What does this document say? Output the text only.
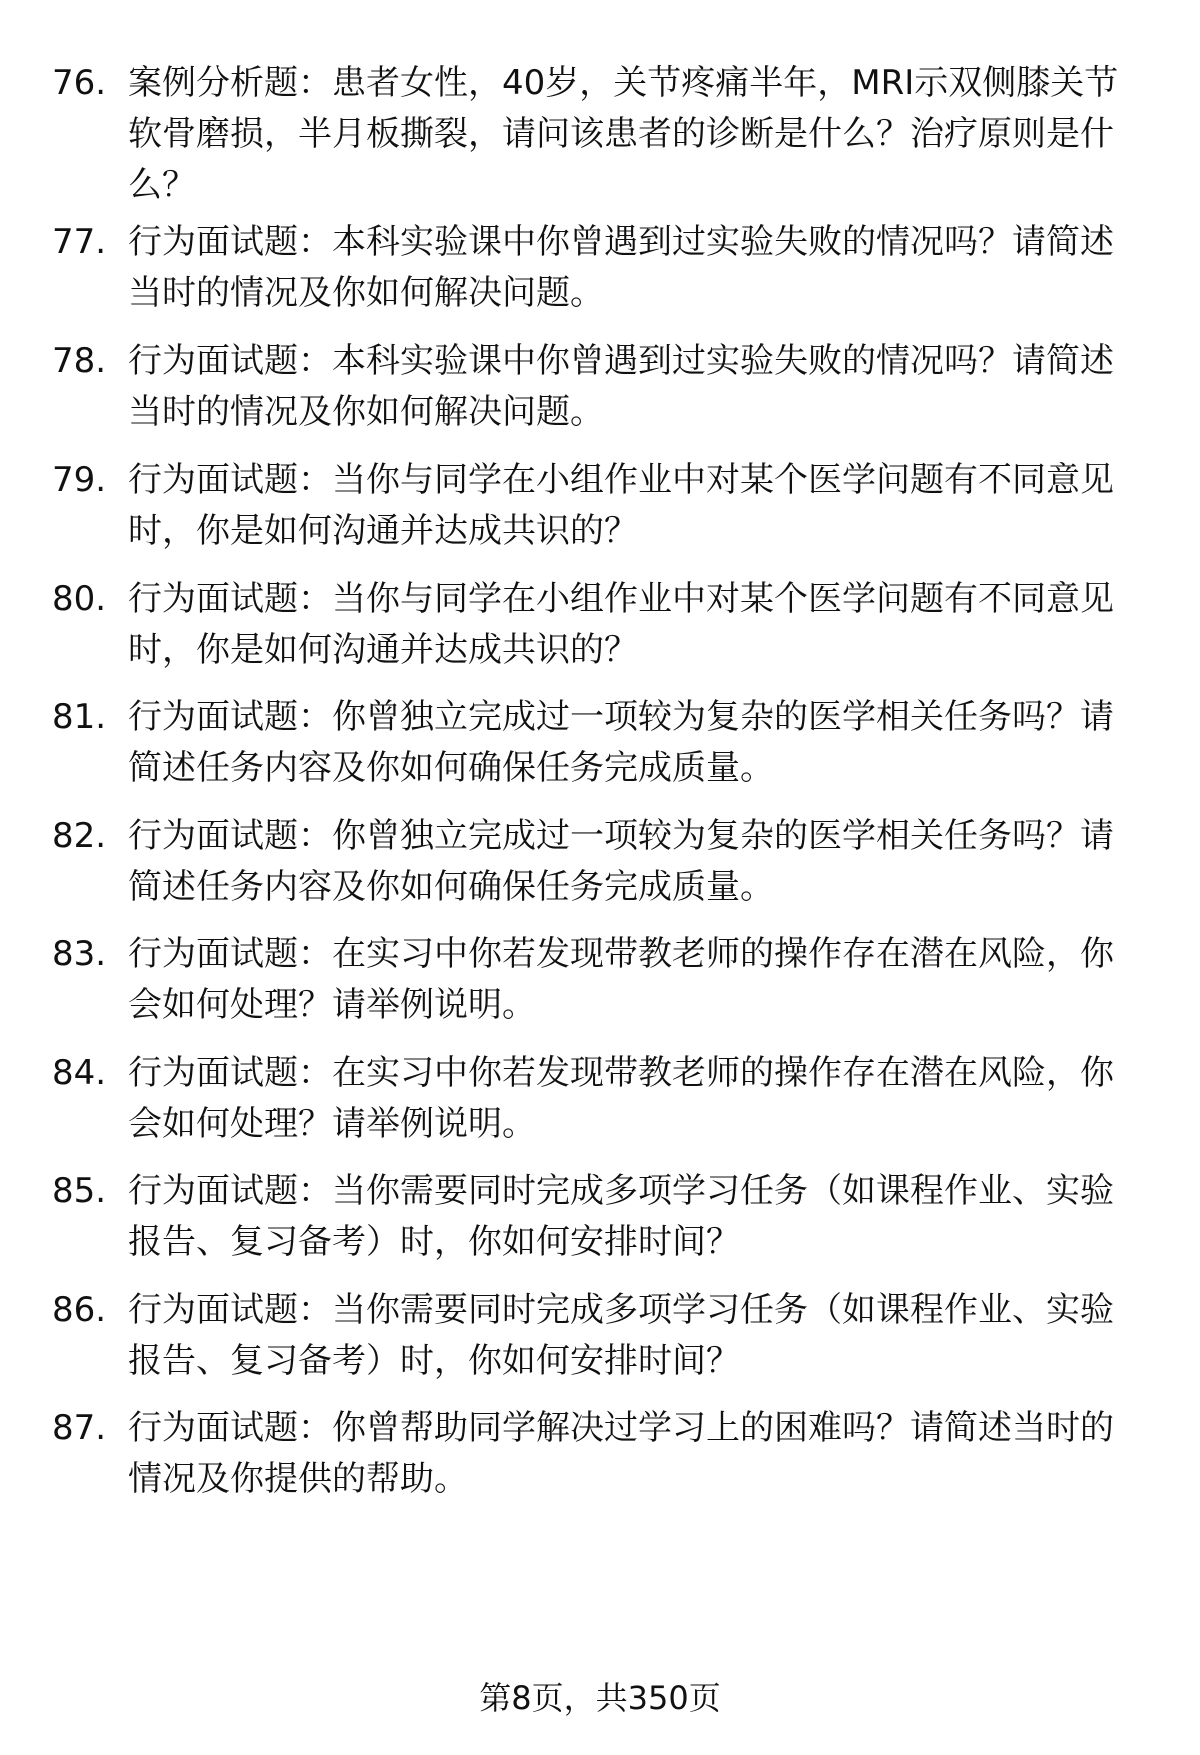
76. 案例分析题：患者女性，40岁，关节疼痛半年，MRI示双侧膝关节软骨磨损，半月板撕裂，请问该患者的诊断是什么？治疗原则是什么？

77. 行为面试题：本科实验课中你曾遇到过实验失败的情况吗？请简述当时的情况及你如何解决问题。

78. 行为面试题：本科实验课中你曾遇到过实验失败的情况吗？请简述当时的情况及你如何解决问题。

79. 行为面试题：当你与同学在小组作业中对某个医学问题有不同意见时，你是如何沟通并达成共识的？

80. 行为面试题：当你与同学在小组作业中对某个医学问题有不同意见时，你是如何沟通并达成共识的？

81. 行为面试题：你曾独立完成过一项较为复杂的医学相关任务吗？请简述任务内容及你如何确保任务完成质量。

82. 行为面试题：你曾独立完成过一项较为复杂的医学相关任务吗？请简述任务内容及你如何确保任务完成质量。

83. 行为面试题：在实习中你若发现带教老师的操作存在潜在风险，你会如何处理？请举例说明。

84. 行为面试题：在实习中你若发现带教老师的操作存在潜在风险，你会如何处理？请举例说明。

85. 行为面试题：当你需要同时完成多项学习任务（如课程作业、实验报告、复习备考）时，你如何安排时间？

86. 行为面试题：当你需要同时完成多项学习任务（如课程作业、实验报告、复习备考）时，你如何安排时间？

87. 行为面试题：你曾帮助同学解决过学习上的困难吗？请简述当时的情况及你提供的帮助。

第8页，共350页
